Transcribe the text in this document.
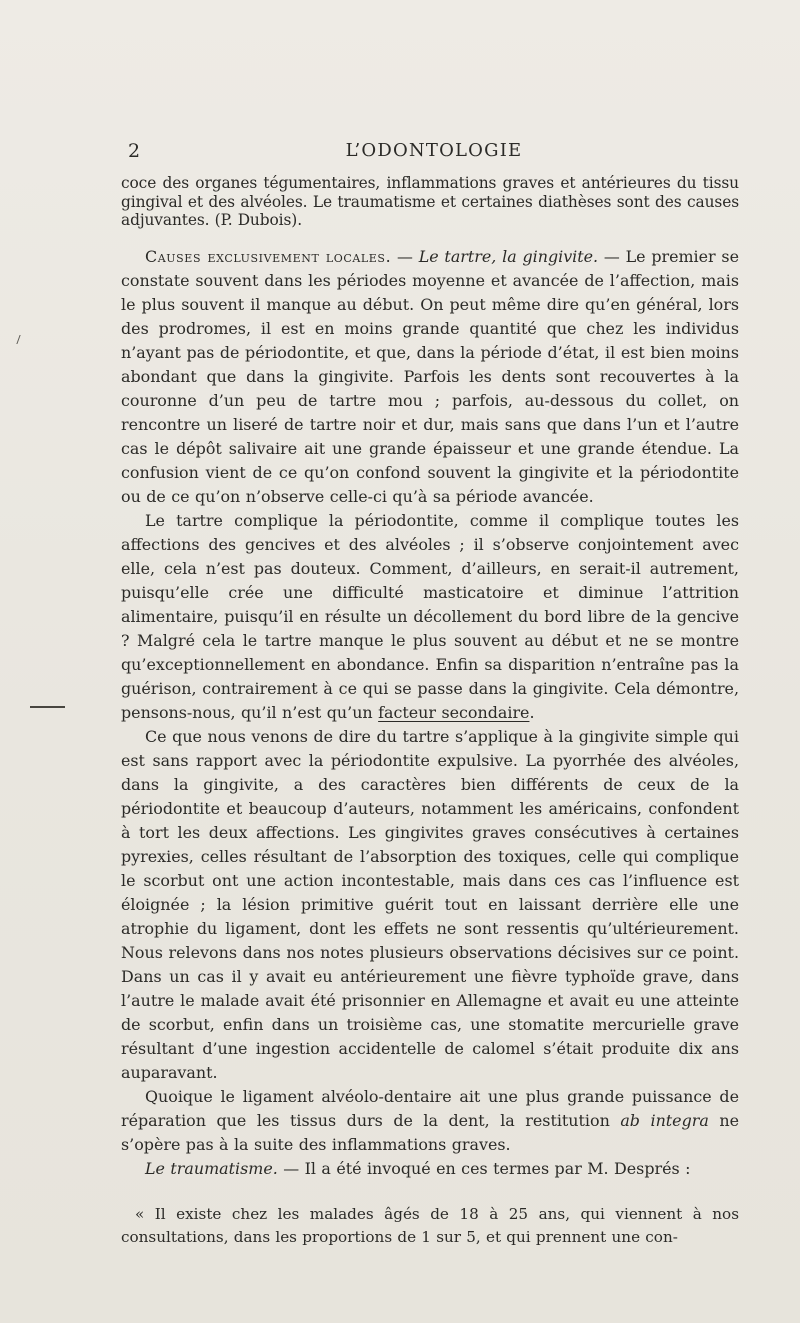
2	L’ODONTOLOGIE

coce des organes tégumentaires, inflammations graves et antérieures du tissu gingival et des alvéoles. Le traumatisme et certaines diathèses sont des causes adjuvantes. (P. Dubois).

Causes exclusivement locales. — Le tartre, la gingivite. — Le premier se constate souvent dans les périodes moyenne et avancée de l’affection, mais le plus souvent il manque au début. On peut même dire qu’en général, lors des prodromes, il est en moins grande quantité que chez les individus n’ayant pas de périodontite, et que, dans la période d’état, il est bien moins abondant que dans la gingivite. Parfois les dents sont recouvertes à la couronne d’un peu de tartre mou ; parfois, au-dessous du collet, on rencontre un liseré de tartre noir et dur, mais sans que dans l’un et l’autre cas le dépôt salivaire ait une grande épaisseur et une grande étendue. La confusion vient de ce qu’on confond souvent la gingivite et la périodontite ou de ce qu’on n’observe celle-ci qu’à sa période avancée.

Le tartre complique la périodontite, comme il complique toutes les affections des gencives et des alvéoles ; il s’observe conjointement avec elle, cela n’est pas douteux. Comment, d’ailleurs, en serait-il autrement, puisqu’elle crée une difficulté masticatoire et diminue l’attrition alimentaire, puisqu’il en résulte un décollement du bord libre de la gencive ? Malgré cela le tartre manque le plus souvent au début et ne se montre qu’exceptionnellement en abondance. Enfin sa disparition n’entraîne pas la guérison, contrairement à ce qui se passe dans la gingivite. Cela démontre, pensons-nous, qu’il n’est qu’un facteur secondaire.

Ce que nous venons de dire du tartre s’applique à la gingivite simple qui est sans rapport avec la périodontite expulsive. La pyorrhée des alvéoles, dans la gingivite, a des caractères bien différents de ceux de la périodontite et beaucoup d’auteurs, notamment les américains, confondent à tort les deux affections. Les gingivites graves consécutives à certaines pyrexies, celles résultant de l’absorption des toxiques, celle qui complique le scorbut ont une action incontestable, mais dans ces cas l’influence est éloignée ; la lésion primitive guérit tout en laissant derrière elle une atrophie du ligament, dont les effets ne sont ressentis qu’ultérieurement. Nous relevons dans nos notes plusieurs observations décisives sur ce point. Dans un cas il y avait eu antérieurement une fièvre typhoïde grave, dans l’autre le malade avait été prisonnier en Allemagne et avait eu une atteinte de scorbut, enfin dans un troisième cas, une stomatite mercurielle grave résultant d’une ingestion accidentelle de calomel s’était produite dix ans auparavant.

Quoique le ligament alvéolo-dentaire ait une plus grande puissance de réparation que les tissus durs de la dent, la restitution ab integra ne s’opère pas à la suite des inflammations graves.

Le traumatisme. — Il a été invoqué en ces termes par M. Després :

« Il existe chez les malades âgés de 18 à 25 ans, qui viennent à nos consultations, dans les proportions de 1 sur 5, et qui prennent une con-
